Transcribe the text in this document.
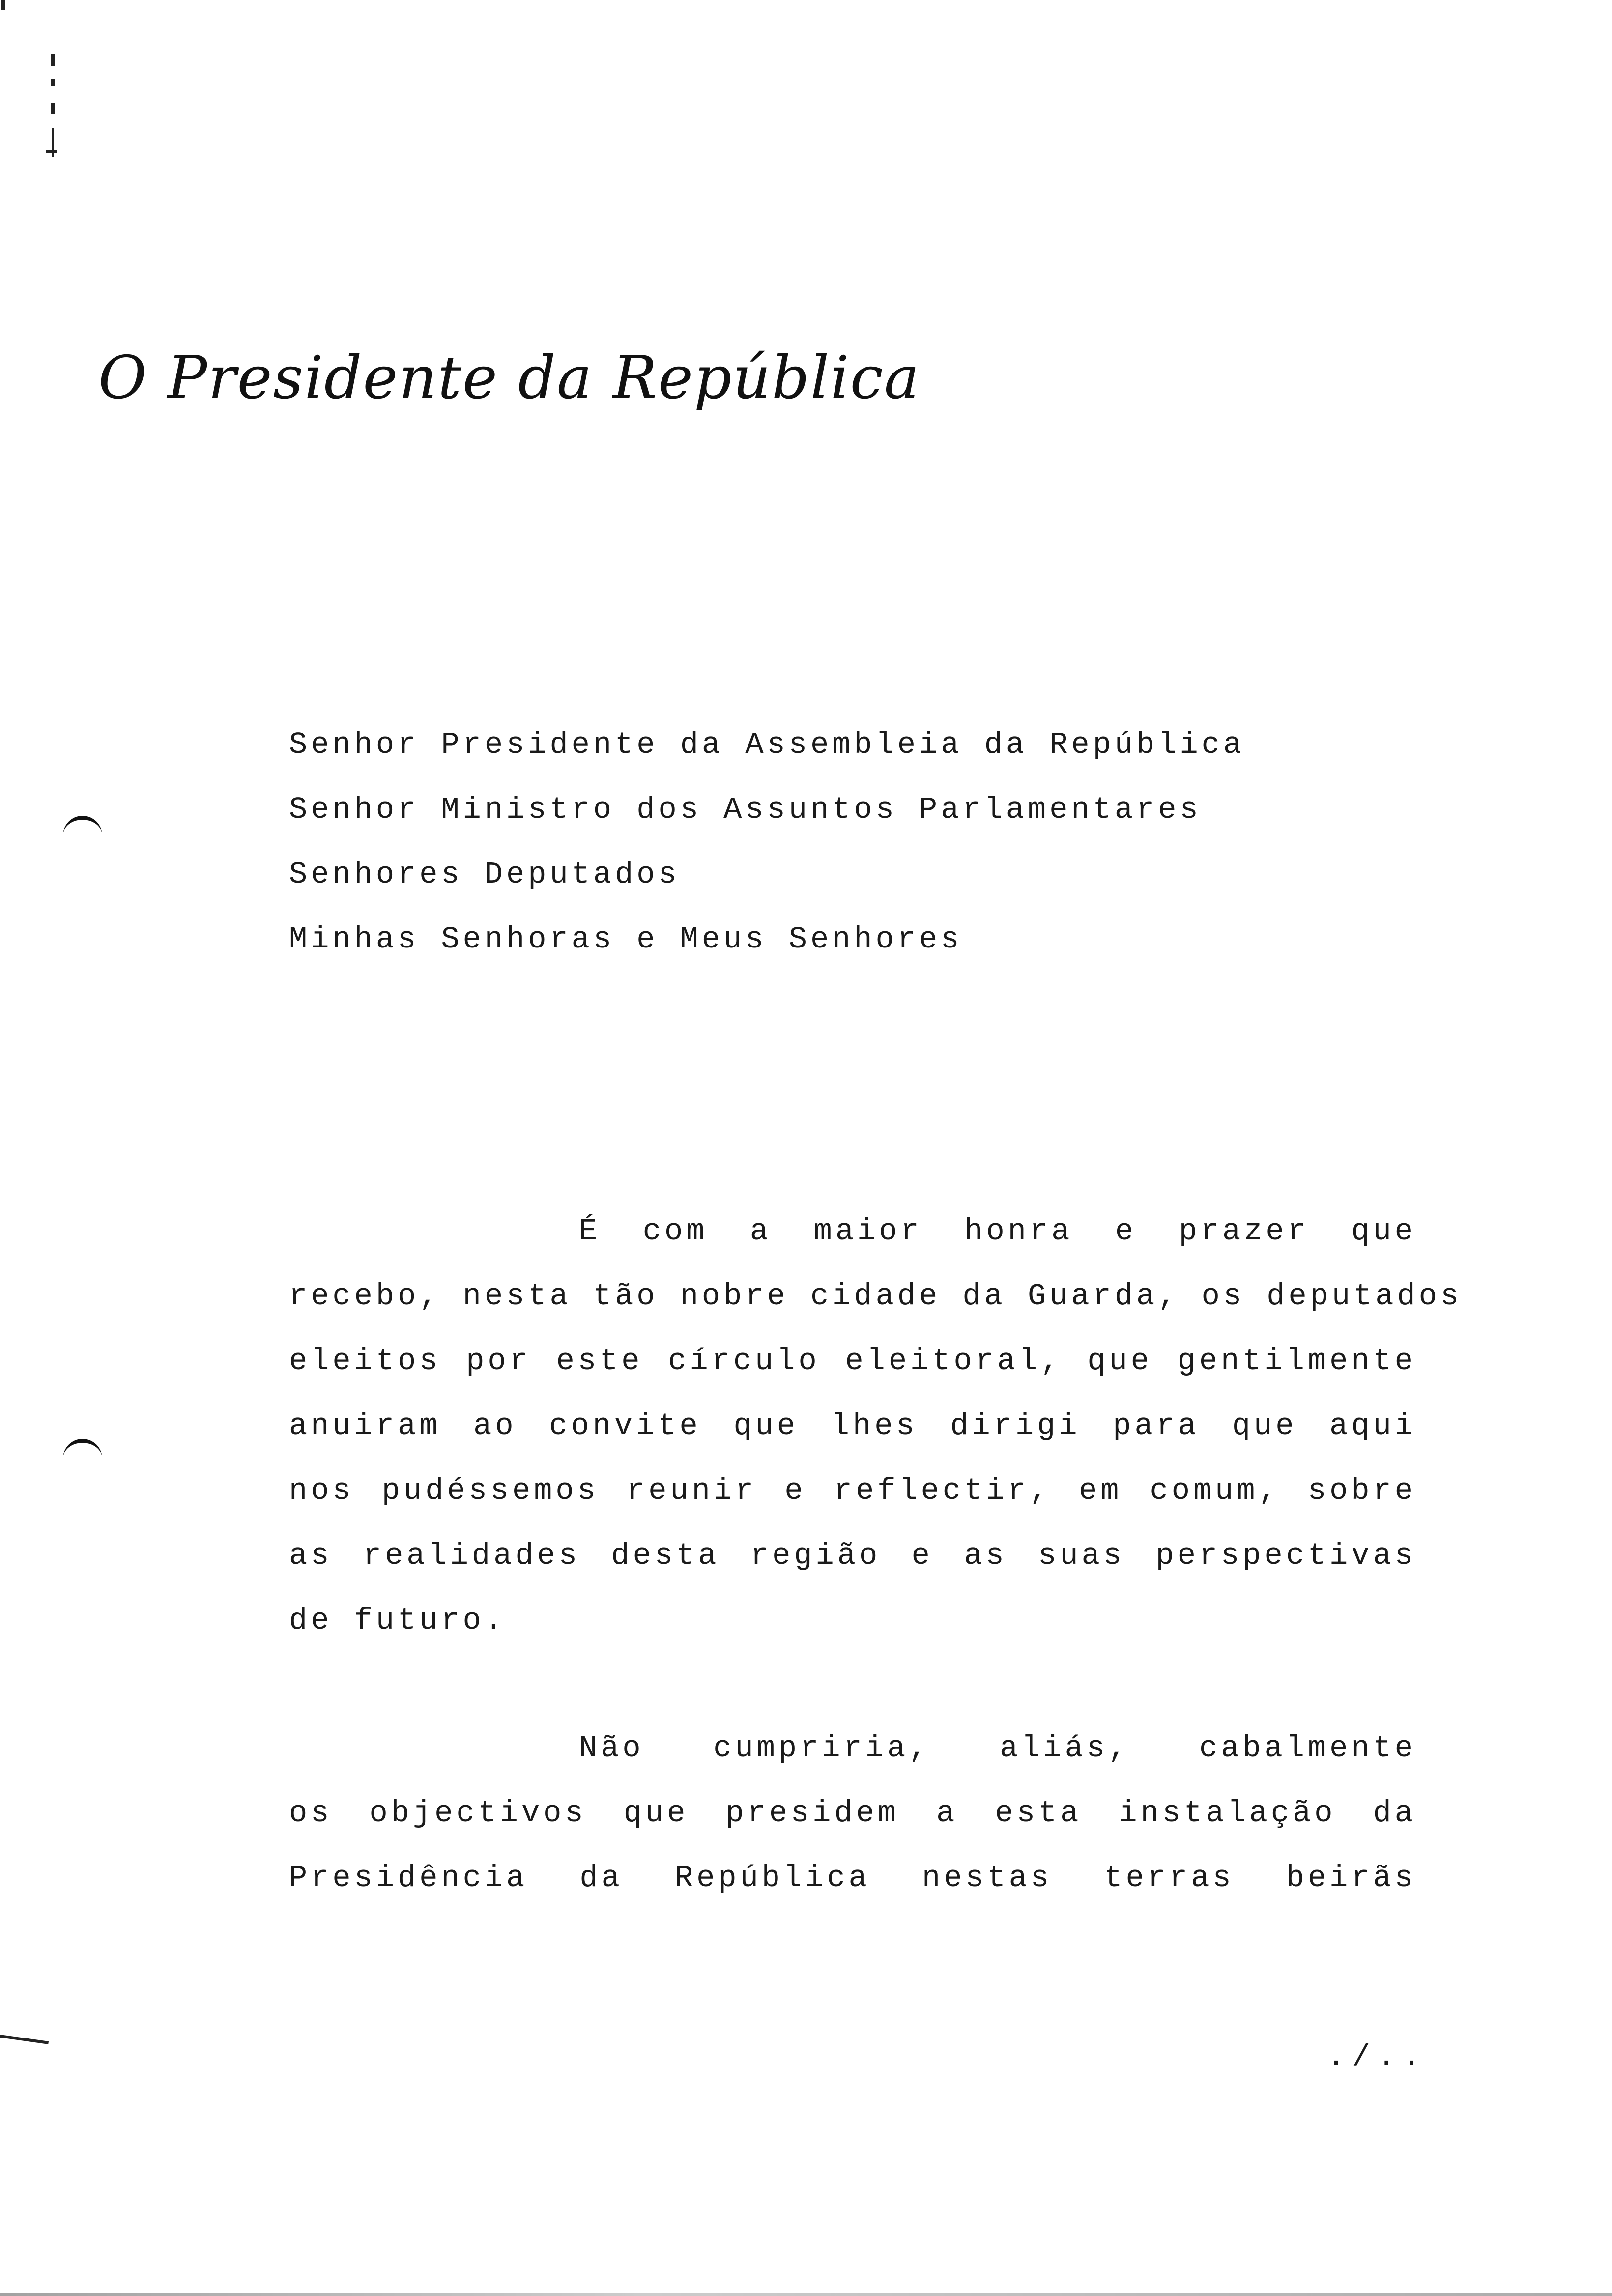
O Presidente da República
Senhor Presidente da Assembleia da República
Senhor Ministro dos Assuntos Parlamentares
Senhores Deputados
Minhas Senhoras e Meus Senhores
É com a maior honra e prazer que
recebo, nesta tão nobre cidade da Guarda, os deputados
eleitos por este círculo eleitoral, que gentilmente
anuiram ao convite que lhes dirigi para que aqui
nos pudéssemos reunir e reflectir, em comum, sobre
as realidades desta região e as suas perspectivas
de futuro.
Não cumpriria, aliás, cabalmente
os objectivos que presidem a esta instalação da
Presidência da República nestas terras beirãs
./..
